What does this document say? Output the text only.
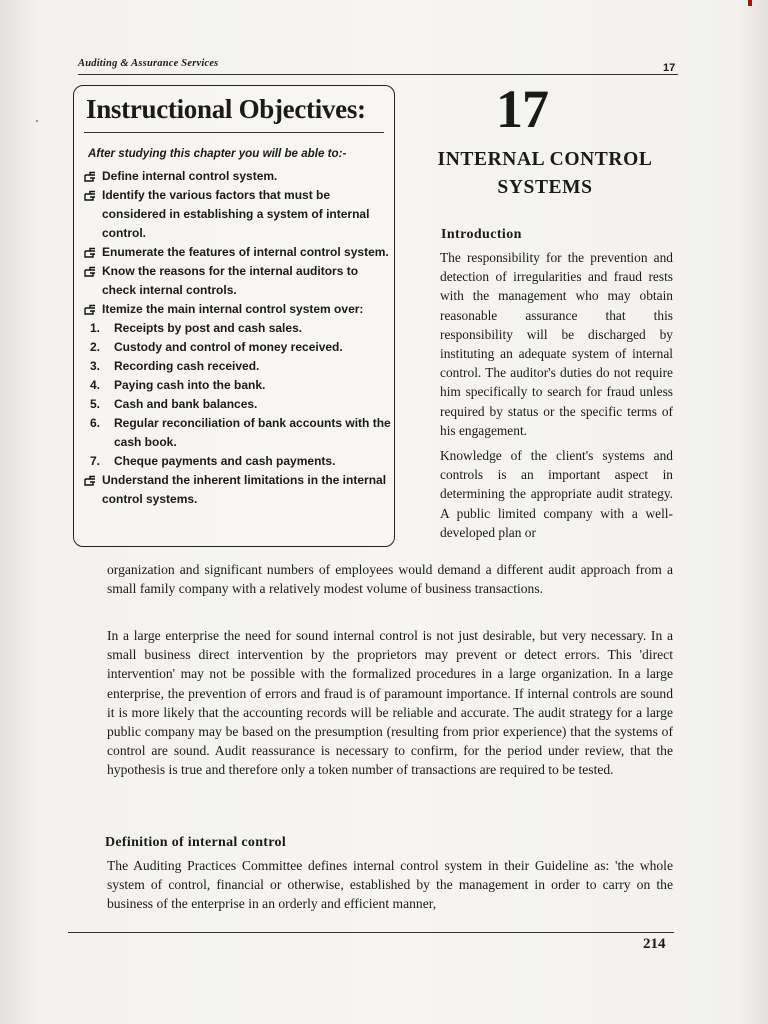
Auditing & Assurance Services	17
Instructional Objectives:
After studying this chapter you will be able to:-
Define internal control system.
Identify the various factors that must be considered in establishing a system of internal control.
Enumerate the features of internal control system.
Know the reasons for the internal auditors to check internal controls.
Itemize the main internal control system over:
1.	Receipts by post and cash sales.
2.	Custody and control of money received.
3.	Recording cash received.
4.	Paying cash into the bank.
5.	Cash and bank balances.
6.	Regular reconciliation of bank accounts with the cash book.
7.	Cheque payments and cash payments.
Understand the inherent limitations in the internal control systems.
17
INTERNAL CONTROL SYSTEMS
Introduction

The responsibility for the prevention and detection of irregularities and fraud rests with the management who may obtain reasonable assurance that this responsibility will be discharged by instituting an adequate system of internal control. The auditor's duties do not require him specifically to search for fraud unless required by status or the specific terms of his engagement.

Knowledge of the client's systems and controls is an important aspect in determining the appropriate audit strategy. A public limited company with a well-developed plan or

organization and significant numbers of employees would demand a different audit approach from a small family company with a relatively modest volume of business transactions.

In a large enterprise the need for sound internal control is not just desirable, but very necessary. In a small business direct intervention by the proprietors may prevent or detect errors. This 'direct intervention' may not be possible with the formalized procedures in a large organization. In a large enterprise, the prevention of errors and fraud is of paramount importance. If internal controls are sound it is more likely that the accounting records will be reliable and accurate. The audit strategy for a large public company may be based on the presumption (resulting from prior experience) that the systems of control are sound. Audit reassurance is necessary to confirm, for the period under review, that the hypothesis is true and therefore only a token number of transactions are required to be tested.

Definition of internal control

The Auditing Practices Committee defines internal control system in their Guideline as: 'the whole system of control, financial or otherwise, established by the management in order to carry on the business of the enterprise in an orderly and efficient manner,

214
